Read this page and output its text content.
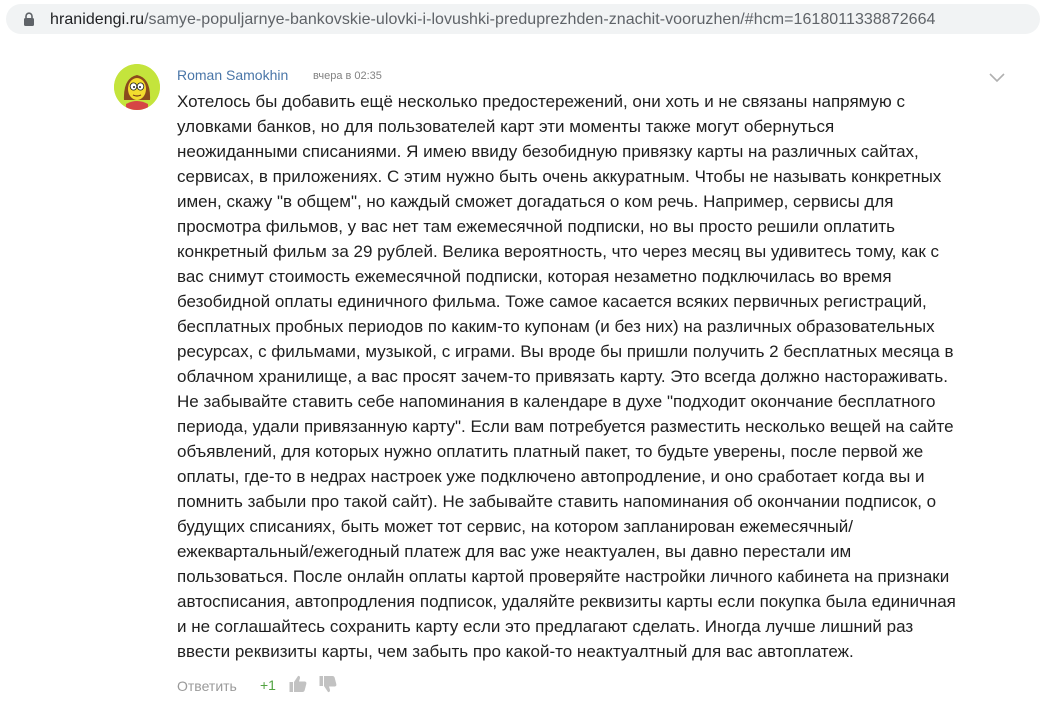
hranidengi.ru/samye-populjarnye-bankovskie-ulovki-i-lovushki-preduprezhden-znachit-vooruzhen/#hcm=1618011338872664
Roman Samokhin вчера в 02:35
Хотелось бы добавить ещё несколько предостережений, они хоть и не связаны напрямую с
уловками банков, но для пользователей карт эти моменты также могут обернуться
неожиданными списаниями. Я имею ввиду безобидную привязку карты на различных сайтах,
сервисах, в приложениях. С этим нужно быть очень аккуратным. Чтобы не называть конкретных
имен, скажу "в общем", но каждый сможет догадаться о ком речь. Например, сервисы для
просмотра фильмов, у вас нет там ежемесячной подписки, но вы просто решили оплатить
конкретный фильм за 29 рублей. Велика вероятность, что через месяц вы удивитесь тому, как с
вас снимут стоимость ежемесячной подписки, которая незаметно подключилась во время
безобидной оплаты единичного фильма. Тоже самое касается всяких первичных регистраций,
бесплатных пробных периодов по каким-то купонам (и без них) на различных образовательных
ресурсах, с фильмами, музыкой, с играми. Вы вроде бы пришли получить 2 бесплатных месяца в
облачном хранилище, а вас просят зачем-то привязать карту. Это всегда должно настораживать.
Не забывайте ставить себе напоминания в календаре в духе "подходит окончание бесплатного
периода, удали привязанную карту". Если вам потребуется разместить несколько вещей на сайте
объявлений, для которых нужно оплатить платный пакет, то будьте уверены, после первой же
оплаты, где-то в недрах настроек уже подключено автопродление, и оно сработает когда вы и
помнить забыли про такой сайт). Не забывайте ставить напоминания об окончании подписок, о
будущих списаниях, быть может тот сервис, на котором запланирован ежемесячный/
ежеквартальный/ежегодный платеж для вас уже неактуален, вы давно перестали им
пользоваться. После онлайн оплаты картой проверяйте настройки личного кабинета на признаки
автосписания, автопродления подписок, удаляйте реквизиты карты если покупка была единичная
и не соглашайтесь сохранить карту если это предлагают сделать. Иногда лучше лишний раз
ввести реквизиты карты, чем забыть про какой-то неактуалтный для вас автоплатеж.
Ответить +1
